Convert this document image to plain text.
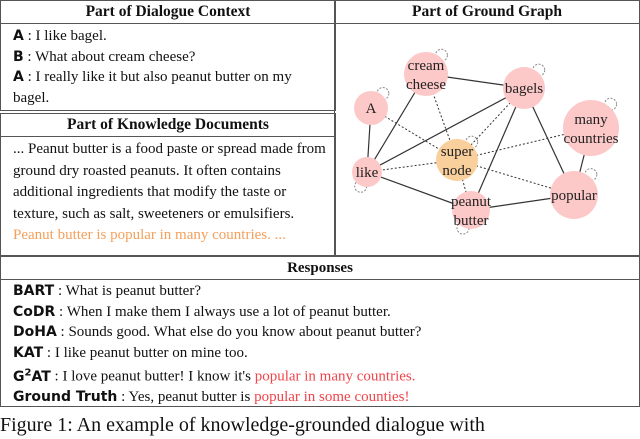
Part of Dialogue Context
A : I like bagel.
B : What about cream cheese?
A : I really like it but also peanut butter on my bagel.
Part of Knowledge Documents
... Peanut butter is a food paste or spread made from ground dry roasted peanuts. It often contains additional ingredients that modify the taste or texture, such as salt, sweeteners or emulsifiers. Peanut butter is popular in many countries. ...
Part of Ground Graph
cream
cheese	bagels
A
many
countries
super
node
like
peanut
butter
popular
Responses
BART : What is peanut butter?
CoDR : When I make them I always use a lot of peanut butter.
DoHA : Sounds good. What else do you know about peanut butter?
KAT : I like peanut butter on mine too.
$G^2AT$ : I love peanut butter! I know it's popular in many countries.
Ground Truth : Yes, peanut butter is popular in some counties!
Figure 1: An example of knowledge-grounded dialogue with
